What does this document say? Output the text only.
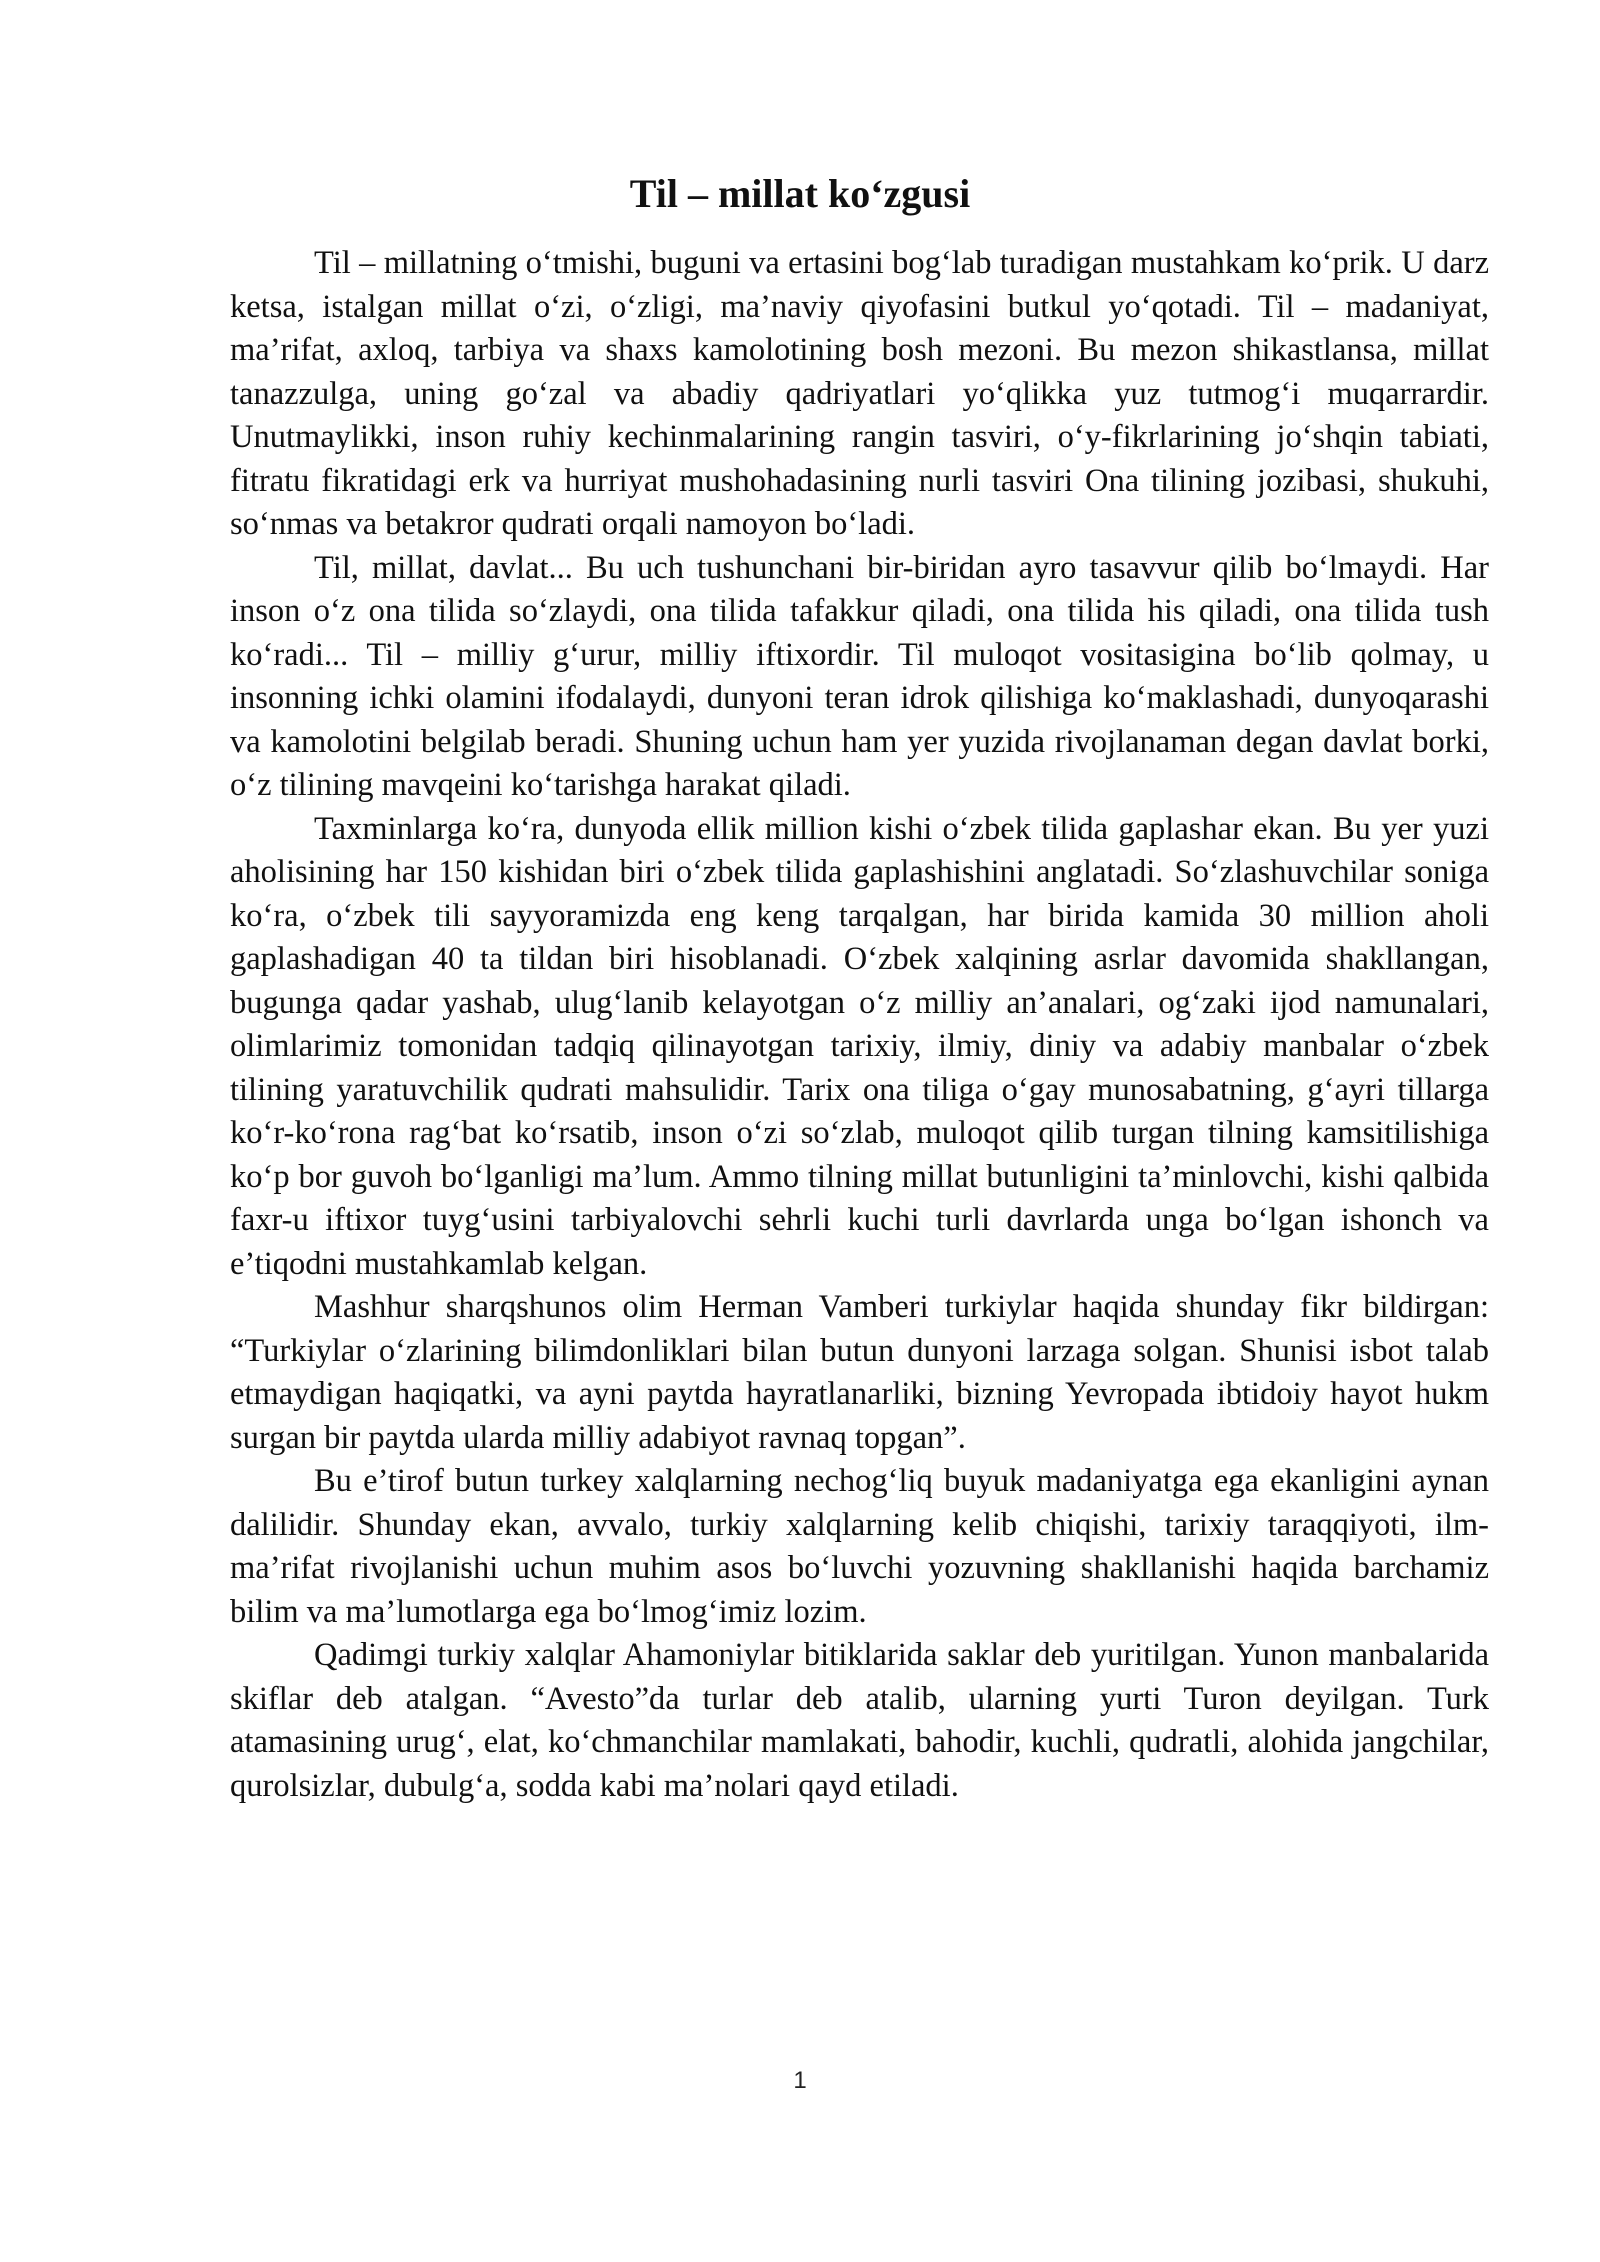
Til – millat ko‘zgusi

Til – millatning o‘tmishi, buguni va ertasini bog‘lab turadigan mustahkam ko‘prik. U darz ketsa, istalgan millat o‘zi, o‘zligi, ma’naviy qiyofasini butkul yo‘qotadi. Til – madaniyat, ma’rifat, axloq, tarbiya va shaxs kamolotining bosh mezoni. Bu mezon shikastlansa, millat tanazzulga, uning go‘zal va abadiy qadriyatlari yo‘qlikka yuz tutmog‘i muqarrardir. Unutmaylikki, inson ruhiy kechinmalarining rangin tasviri, o‘y-fikrlarining jo‘shqin tabiati, fitratu fikratidagi erk va hurriyat mushohadasining nurli tasviri Ona tilining jozibasi, shukuhi, so‘nmas va betakror qudrati orqali namoyon bo‘ladi.

Til, millat, davlat... Bu uch tushunchani bir-biridan ayro tasavvur qilib bo‘lmaydi. Har inson o‘z ona tilida so‘zlaydi, ona tilida tafakkur qiladi, ona tilida his qiladi, ona tilida tush ko‘radi... Til – milliy g‘urur, milliy iftixordir. Til muloqot vositasigina bo‘lib qolmay, u insonning ichki olamini ifodalaydi, dunyoni teran idrok qilishiga ko‘maklashadi, dunyoqarashi va kamolotini belgilab beradi. Shuning uchun ham yer yuzida rivojlanaman degan davlat borki, o‘z tilining mavqeini ko‘tarishga harakat qiladi.

Taxminlarga ko‘ra, dunyoda ellik million kishi o‘zbek tilida gaplashar ekan. Bu yer yuzi aholisining har 150 kishidan biri o‘zbek tilida gaplashishini anglatadi. So‘zlashuvchilar soniga ko‘ra, o‘zbek tili sayyoramizda eng keng tarqalgan, har birida kamida 30 million aholi gaplashadigan 40 ta tildan biri hisoblanadi. O‘zbek xalqining asrlar davomida shakllangan, bugunga qadar yashab, ulug‘lanib kelayotgan o‘z milliy an’analari, og‘zaki ijod namunalari, olimlarimiz tomonidan tadqiq qilinayotgan tarixiy, ilmiy, diniy va adabiy manbalar o‘zbek tilining yaratuvchilik qudrati mahsulidir. Tarix ona tiliga o‘gay munosabatning, g‘ayri tillarga ko‘r-ko‘rona rag‘bat ko‘rsatib, inson o‘zi so‘zlab, muloqot qilib turgan tilning kamsitilishiga ko‘p bor guvoh bo‘lganligi ma’lum. Ammo tilning millat butunligini ta’minlovchi, kishi qalbida faxr-u iftixor tuyg‘usini tarbiyalovchi sehrli kuchi turli davrlarda unga bo‘lgan ishonch va e’tiqodni mustahkamlab kelgan.

Mashhur sharqshunos olim Herman Vamberi turkiylar haqida shunday fikr bildirgan: “Turkiylar o‘zlarining bilimdonliklari bilan butun dunyoni larzaga solgan. Shunisi isbot talab etmaydigan haqiqatki, va ayni paytda hayratlanarliki, bizning Yevropada ibtidoiy hayot hukm surgan bir paytda ularda milliy adabiyot ravnaq topgan”.

Bu e’tirof butun turkey xalqlarning nechog‘liq buyuk madaniyatga ega ekanligini aynan dalilidir. Shunday ekan, avvalo, turkiy xalqlarning kelib chiqishi, tarixiy taraqqiyoti, ilm-ma’rifat rivojlanishi uchun muhim asos bo‘luvchi yozuvning shakllanishi haqida barchamiz bilim va ma’lumotlarga ega bo‘lmog‘imiz lozim.

Qadimgi turkiy xalqlar Ahamoniylar bitiklarida saklar deb yuritilgan. Yunon manbalarida skiflar deb atalgan. “Avesto”da turlar deb atalib, ularning yurti Turon deyilgan. Turk atamasining urug‘, elat, ko‘chmanchilar mamlakati, bahodir, kuchli, qudratli, alohida jangchilar, qurolsizlar, dubulg‘a, sodda kabi ma’nolari qayd etiladi.

1
